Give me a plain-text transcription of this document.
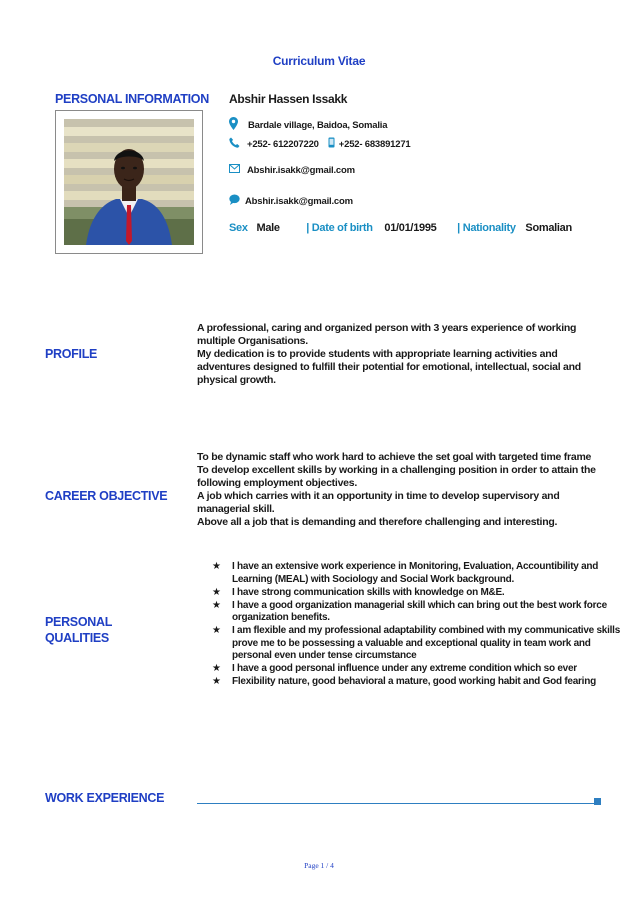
Curriculum Vitae
PERSONAL INFORMATION Abshir Hassen Issakk
Bardale village, Baidoa, Somalia
+252- 612207220 +252- 683891271
Abshir.isakk@gmail.com
Abshir.isakk@gmail.com
Sex Male | Date of birth 01/01/1995 | Nationality Somalian
PROFILE

A professional, caring and organized person with 3 years experience of working multiple Organisations.

My dedication is to provide students with appropriate learning activities and adventures designed to fulfill their potential for emotional, intellectual, social and physical growth.

CAREER OBJECTIVE

To be dynamic staff who work hard to achieve the set goal with targeted time frame

To develop excellent skills by working in a challenging position in order to attain the following employment objectives.

A job which carries with it an opportunity in time to develop supervisory and managerial skill.

Above all a job that is demanding and therefore challenging and interesting.

PERSONAL
QUALITIES
★ I have an extensive work experience in Monitoring, Evaluation, Accountibility and Learning (MEAL) with Sociology and Social Work background.
★ I have strong communication skills with knowledge on M&E.
★ I have a good organization managerial skill which can bring out the best work force organization benefits.
★ I am flexible and my professional adaptability combined with my communicative skills prove me to be possessing a valuable and exceptional quality in team work and personal even under tense circumstance
★ I have a good personal influence under any extreme condition which so ever
★ Flexibility nature, good behavioral a mature, good working habit and God fearing
WORK EXPERIENCE
Page 1 / 4
